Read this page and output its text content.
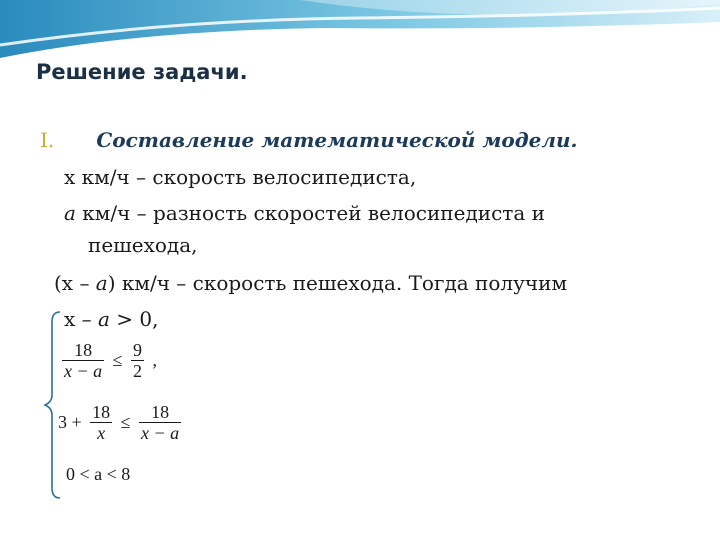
Решение задачи.
I. Составление математической модели.
x км/ч – скорость велосипедиста,
a км/ч – разность скоростей велосипедиста и
пешехода,
(x – a) км/ч – скорость пешехода. Тогда получим
x – a > 0,
$\frac{18}{x - a} \le \frac{9}{2}$ ,
$3 + \frac{18}{x} \le \frac{18}{x - a}$
0 < a < 8
